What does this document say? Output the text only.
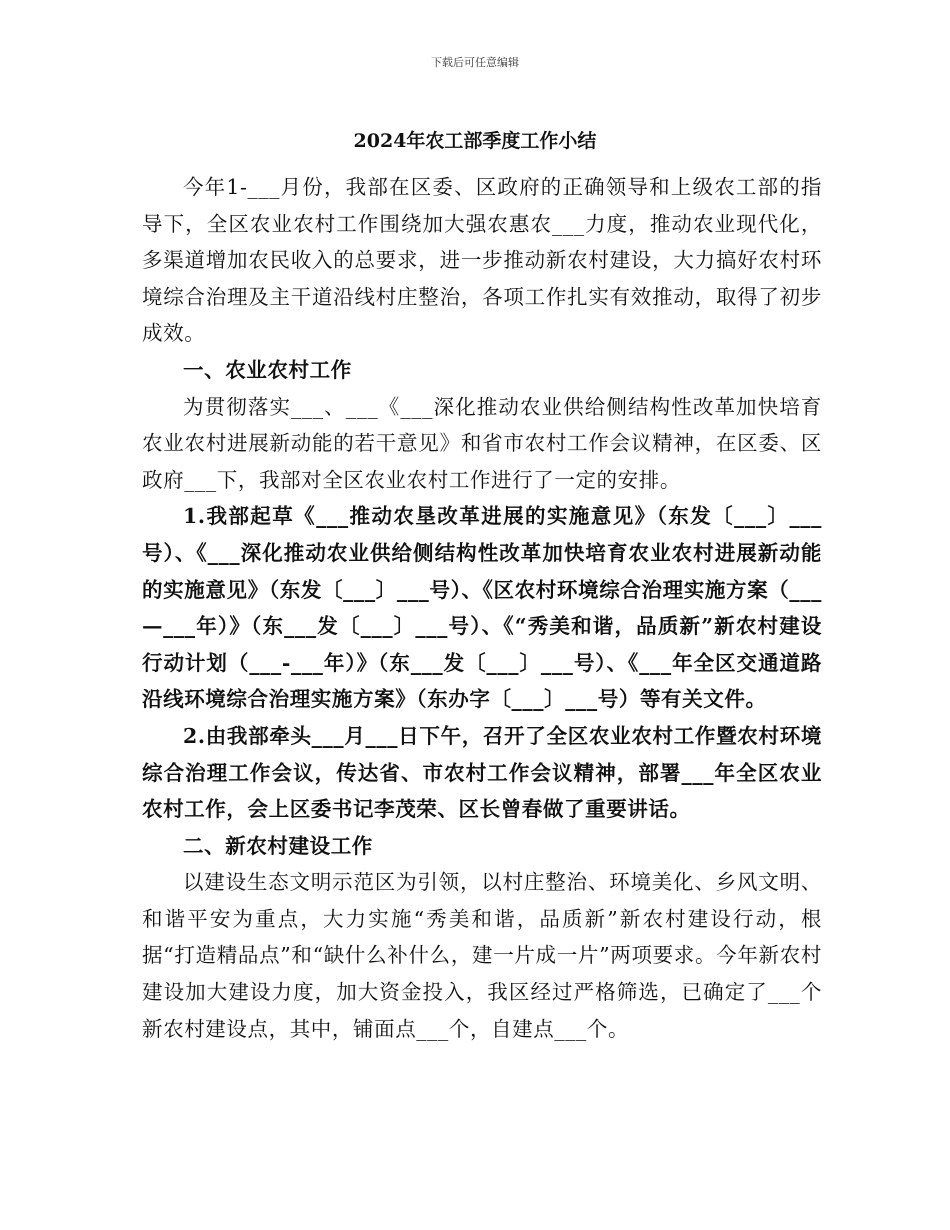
下载后可任意编辑
2024年农工部季度工作小结

今年1-___月份，我部在区委、区政府的正确领导和上级农工部的指导下，全区农业农村工作围绕加大强农惠农___力度，推动农业现代化，多渠道增加农民收入的总要求，进一步推动新农村建设，大力搞好农村环境综合治理及主干道沿线村庄整治，各项工作扎实有效推动，取得了初步成效。

一、农业农村工作

为贯彻落实___、___《___深化推动农业供给侧结构性改革加快培育农业农村进展新动能的若干意见》和省市农村工作会议精神，在区委、区政府___下，我部对全区农业农村工作进行了一定的安排。

1.我部起草《___推动农垦改革进展的实施意见》（东发〔___〕___号）、《___深化推动农业供给侧结构性改革加快培育农业农村进展新动能的实施意见》（东发〔___〕___号）、《区农村环境综合治理实施方案（___—___年）》（东___发〔___〕___号）、《“秀美和谐，品质新”新农村建设行动计划（___-___年）》（东___发〔___〕___号）、《___年全区交通道路沿线环境综合治理实施方案》（东办字〔___〕___号）等有关文件。

2.由我部牵头___月___日下午，召开了全区农业农村工作暨农村环境综合治理工作会议，传达省、市农村工作会议精神，部署___年全区农业农村工作，会上区委书记李茂荣、区长曾春做了重要讲话。

二、新农村建设工作

以建设生态文明示范区为引领，以村庄整治、环境美化、乡风文明、和谐平安为重点，大力实施“秀美和谐，品质新”新农村建设行动，根据“打造精品点”和“缺什么补什么，建一片成一片”两项要求。今年新农村建设加大建设力度，加大资金投入，我区经过严格筛选，已确定了___个新农村建设点，其中，铺面点___个，自建点___个。
